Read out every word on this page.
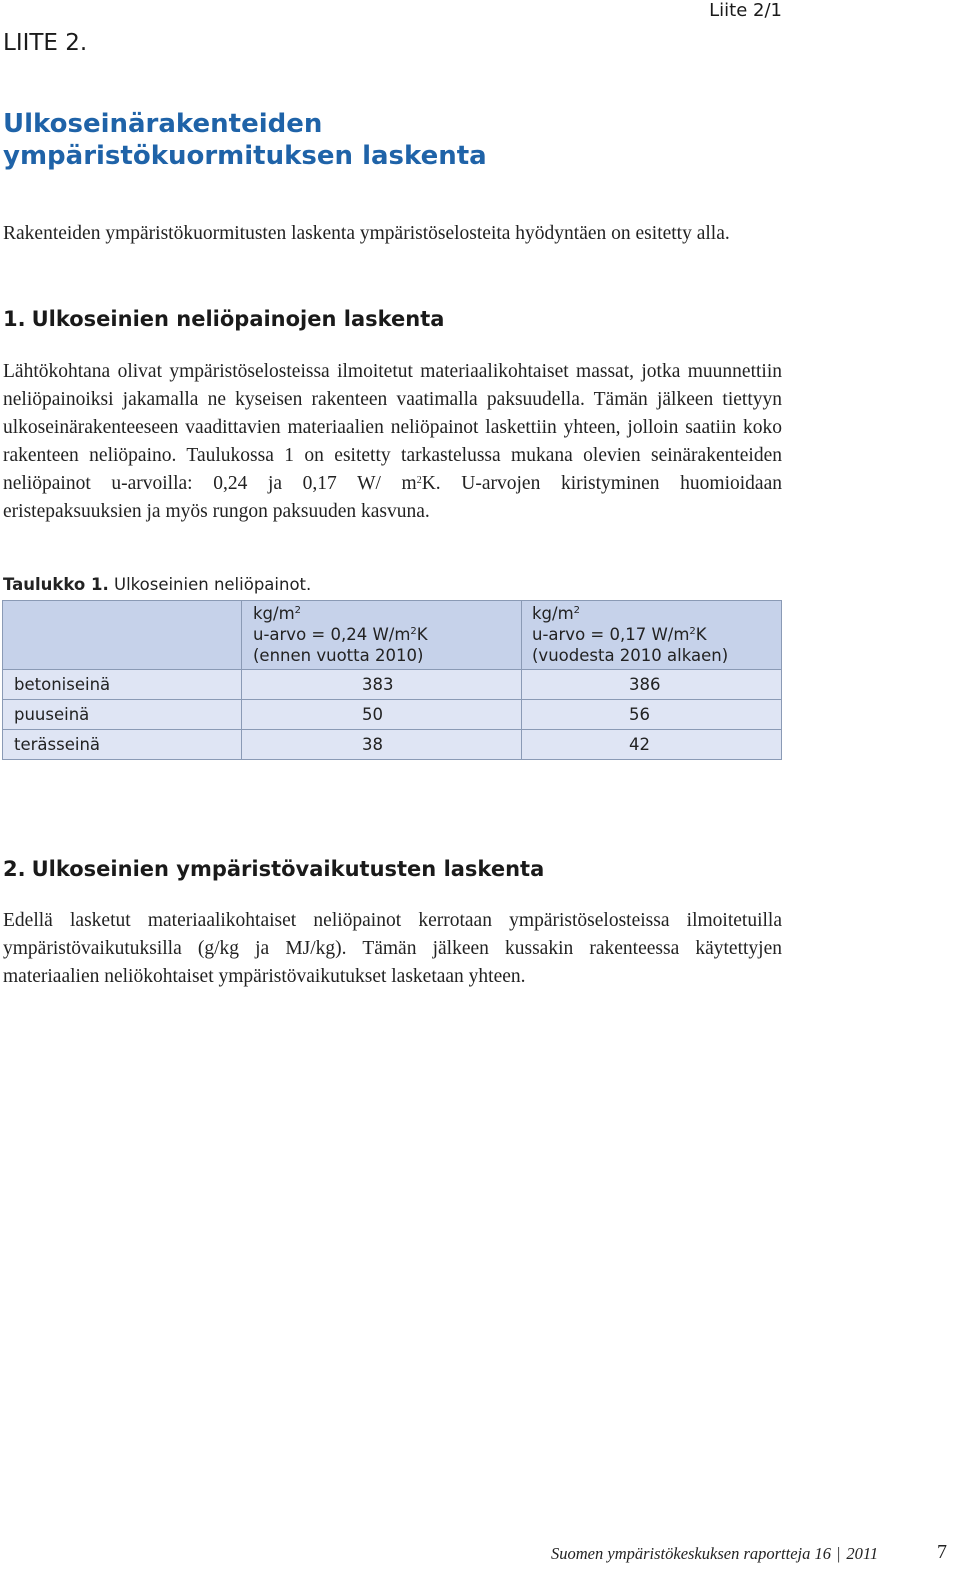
LIITE 2.
Liite 2/1
Ulkoseinärakenteiden
ympäristökuormituksen laskenta

Rakenteiden ympäristökuormitusten laskenta ympäristöselosteita hyödyntäen on esitetty alla.

1. Ulkoseinien neliöpainojen laskenta

Lähtökohtana olivat ympäristöselosteissa ilmoitetut materiaalikohtaiset massat, jotka muunnettiin neliöpainoiksi jakamalla ne kyseisen rakenteen vaatimalla paksuudella. Tämän jälkeen tiettyyn ulkoseinärakenteeseen vaadittavien materiaalien neliöpainot laskettiin yhteen, jolloin saatiin koko rakenteen neliöpaino. Taulukossa 1 on esitetty tarkastelussa mukana olevien seinärakenteiden neliöpainot u-arvoilla: 0,24 ja 0,17 W/ $m^2K$. U-arvojen kiristyminen huomioidaan eristepaksuuksien ja myös rungon paksuuden kasvuna.

Taulukko 1. Ulkoseinien neliöpainot.

	$kg/m^2$
u-arvo = 0,24 $W/m^2K$
(ennen vuotta 2010)	$kg/m^2$
u-arvo = 0,17 $W/m^2K$
(vuodesta 2010 alkaen)

betoniseinä	383	386
puuseinä	50	56
terässeinä	38	42
2. Ulkoseinien ympäristövaikutusten laskenta

Edellä lasketut materiaalikohtaiset neliöpainot kerrotaan ympäristöselosteissa ilmoitetuilla ympäristövaikutuksilla (g/kg ja MJ/kg). Tämän jälkeen kussakin rakenteessa käytettyjen materiaalien neliökohtaiset ympäristövaikutukset lasketaan yhteen.

Suomen ympäristökeskuksen raportteja 16 | 2011	7
